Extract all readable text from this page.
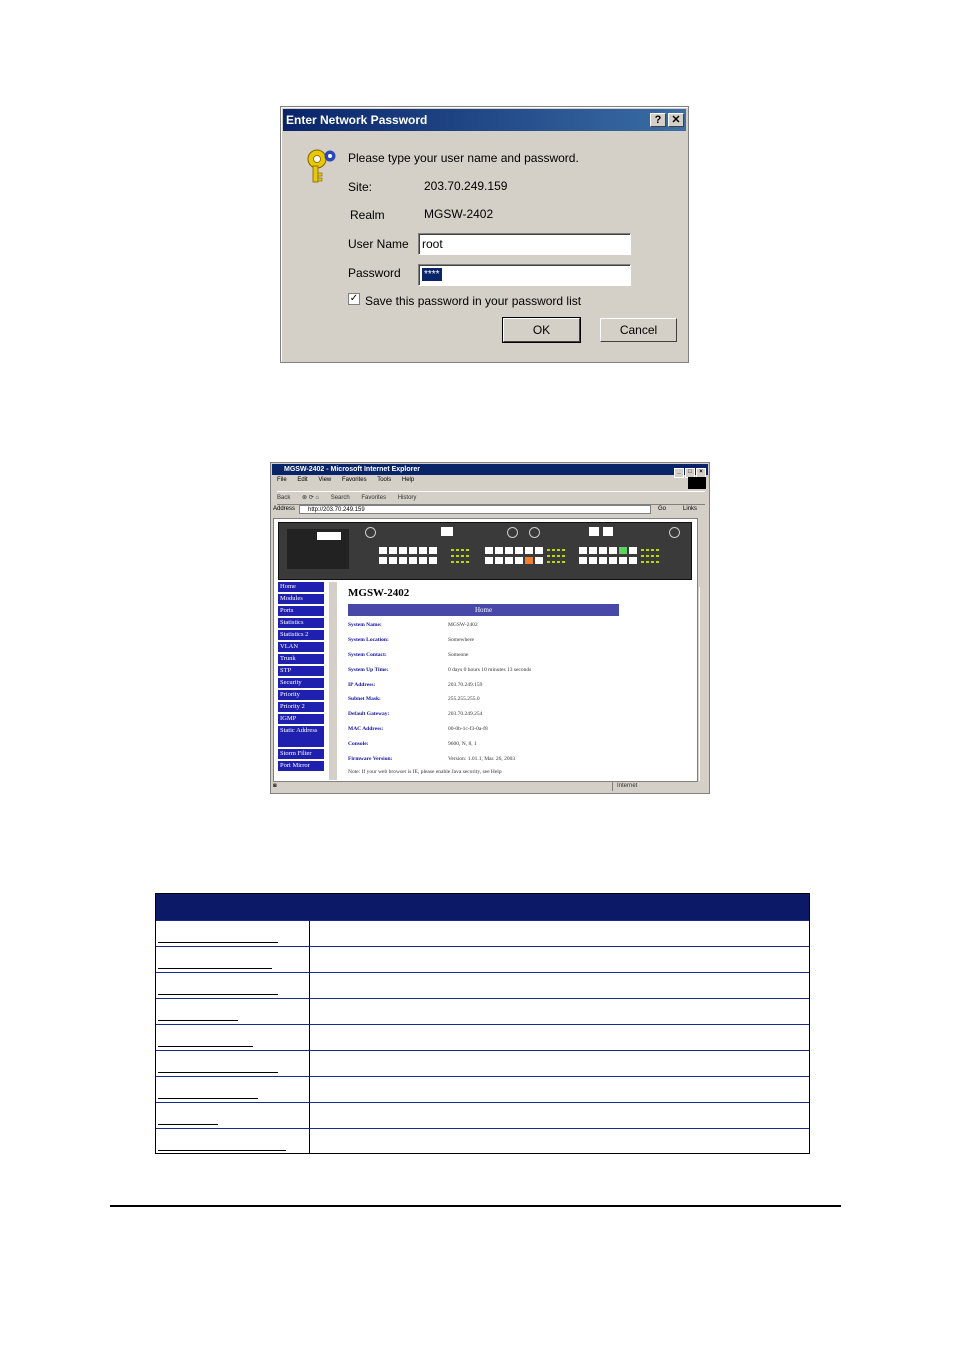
Enter Network Password	? ✕
Please type your user name and password.
Site:	203.70.249.159
Realm	MGSW-2402
User Name	root
Password	****
✓ Save this password in your password list
OK	Cancel
MGSW-2402 - Microsoft Internet Explorer	_ □ ×
File Edit View Favorites Tools Help
Back ⊗ ⟳ ⌂ Search Favorites History
Address	http://203.70.249.159	Go	Links
Home
Modules
Ports
Statistics
Statistics 2
VLAN
Trunk
STP
Security
Priority
Priority 2
IGMP
Static Address
Storm Filter
Port Mirror
MGSW-2402
Home
System Name:	MGSW-2402
System Location:	Somewhere
System Contact:	Someone
System Up Time:	0 days 0 hours 10 minutes 13 seconds
IP Address:	203.70.249.159
Subnet Mask:	255.255.255.0
Default Gateway:	203.70.249.254
MAC Address:	00-0b-1c-f3-0a-f8
Console:	9600, N, 8, 1
Firmware Version:	Version: 1.01.1, Mar. 26, 2003
Note: If your web browser is IE, please enable Java security, see Help
◙	Internet
